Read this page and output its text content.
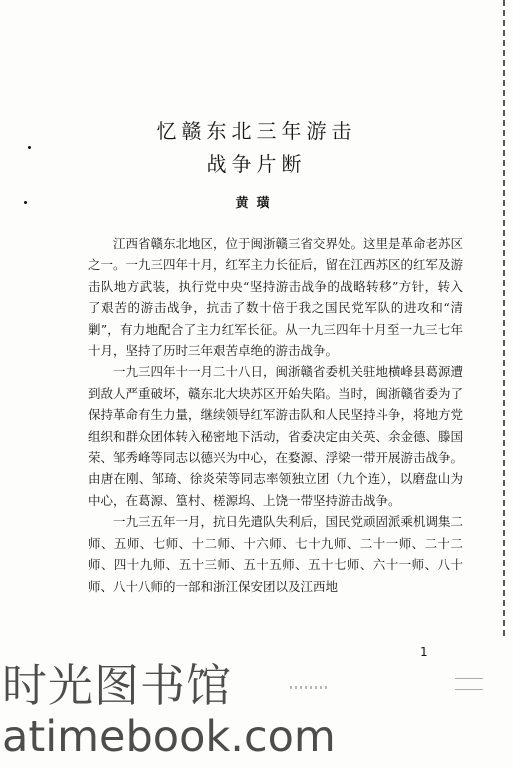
忆赣东北三年游击
战争片断
黄璜

江西省赣东北地区，位于闽浙赣三省交界处。这里是革命老苏区之一。一九三四年十月，红军主力长征后，留在江西苏区的红军及游击队地方武装，执行党中央“坚持游击战争的战略转移”方针，转入了艰苦的游击战争，抗击了数十倍于我之国民党军队的进攻和“清剿”，有力地配合了主力红军长征。从一九三四年十月至一九三七年十月，坚持了历时三年艰苦卓绝的游击战争。

一九三四年十一月二十八日，闽浙赣省委机关驻地横峰县葛源遭到敌人严重破坏，赣东北大块苏区开始失陷。当时，闽浙赣省委为了保持革命有生力量，继续领导红军游击队和人民坚持斗争，将地方党组织和群众团体转入秘密地下活动，省委决定由关英、余金德、滕国荣、邹秀峰等同志以德兴为中心，在婺源、浮梁一带开展游击战争。由唐在刚、邹琦、徐炎荣等同志率领独立团（九个连），以磨盘山为中心，在葛源、篁村、槎源坞、上饶一带坚持游击战争。

一九三五年一月，抗日先遣队失利后，国民党顽固派乘机调集二师、五师、七师、十二师、十六师、七十九师、二十一师、二十二师、四十九师、五十三师、五十五师、五十七师、六十一师、八十师、八十八师的一部和浙江保安团以及江西地

1
时光图书馆
atimebook.com
